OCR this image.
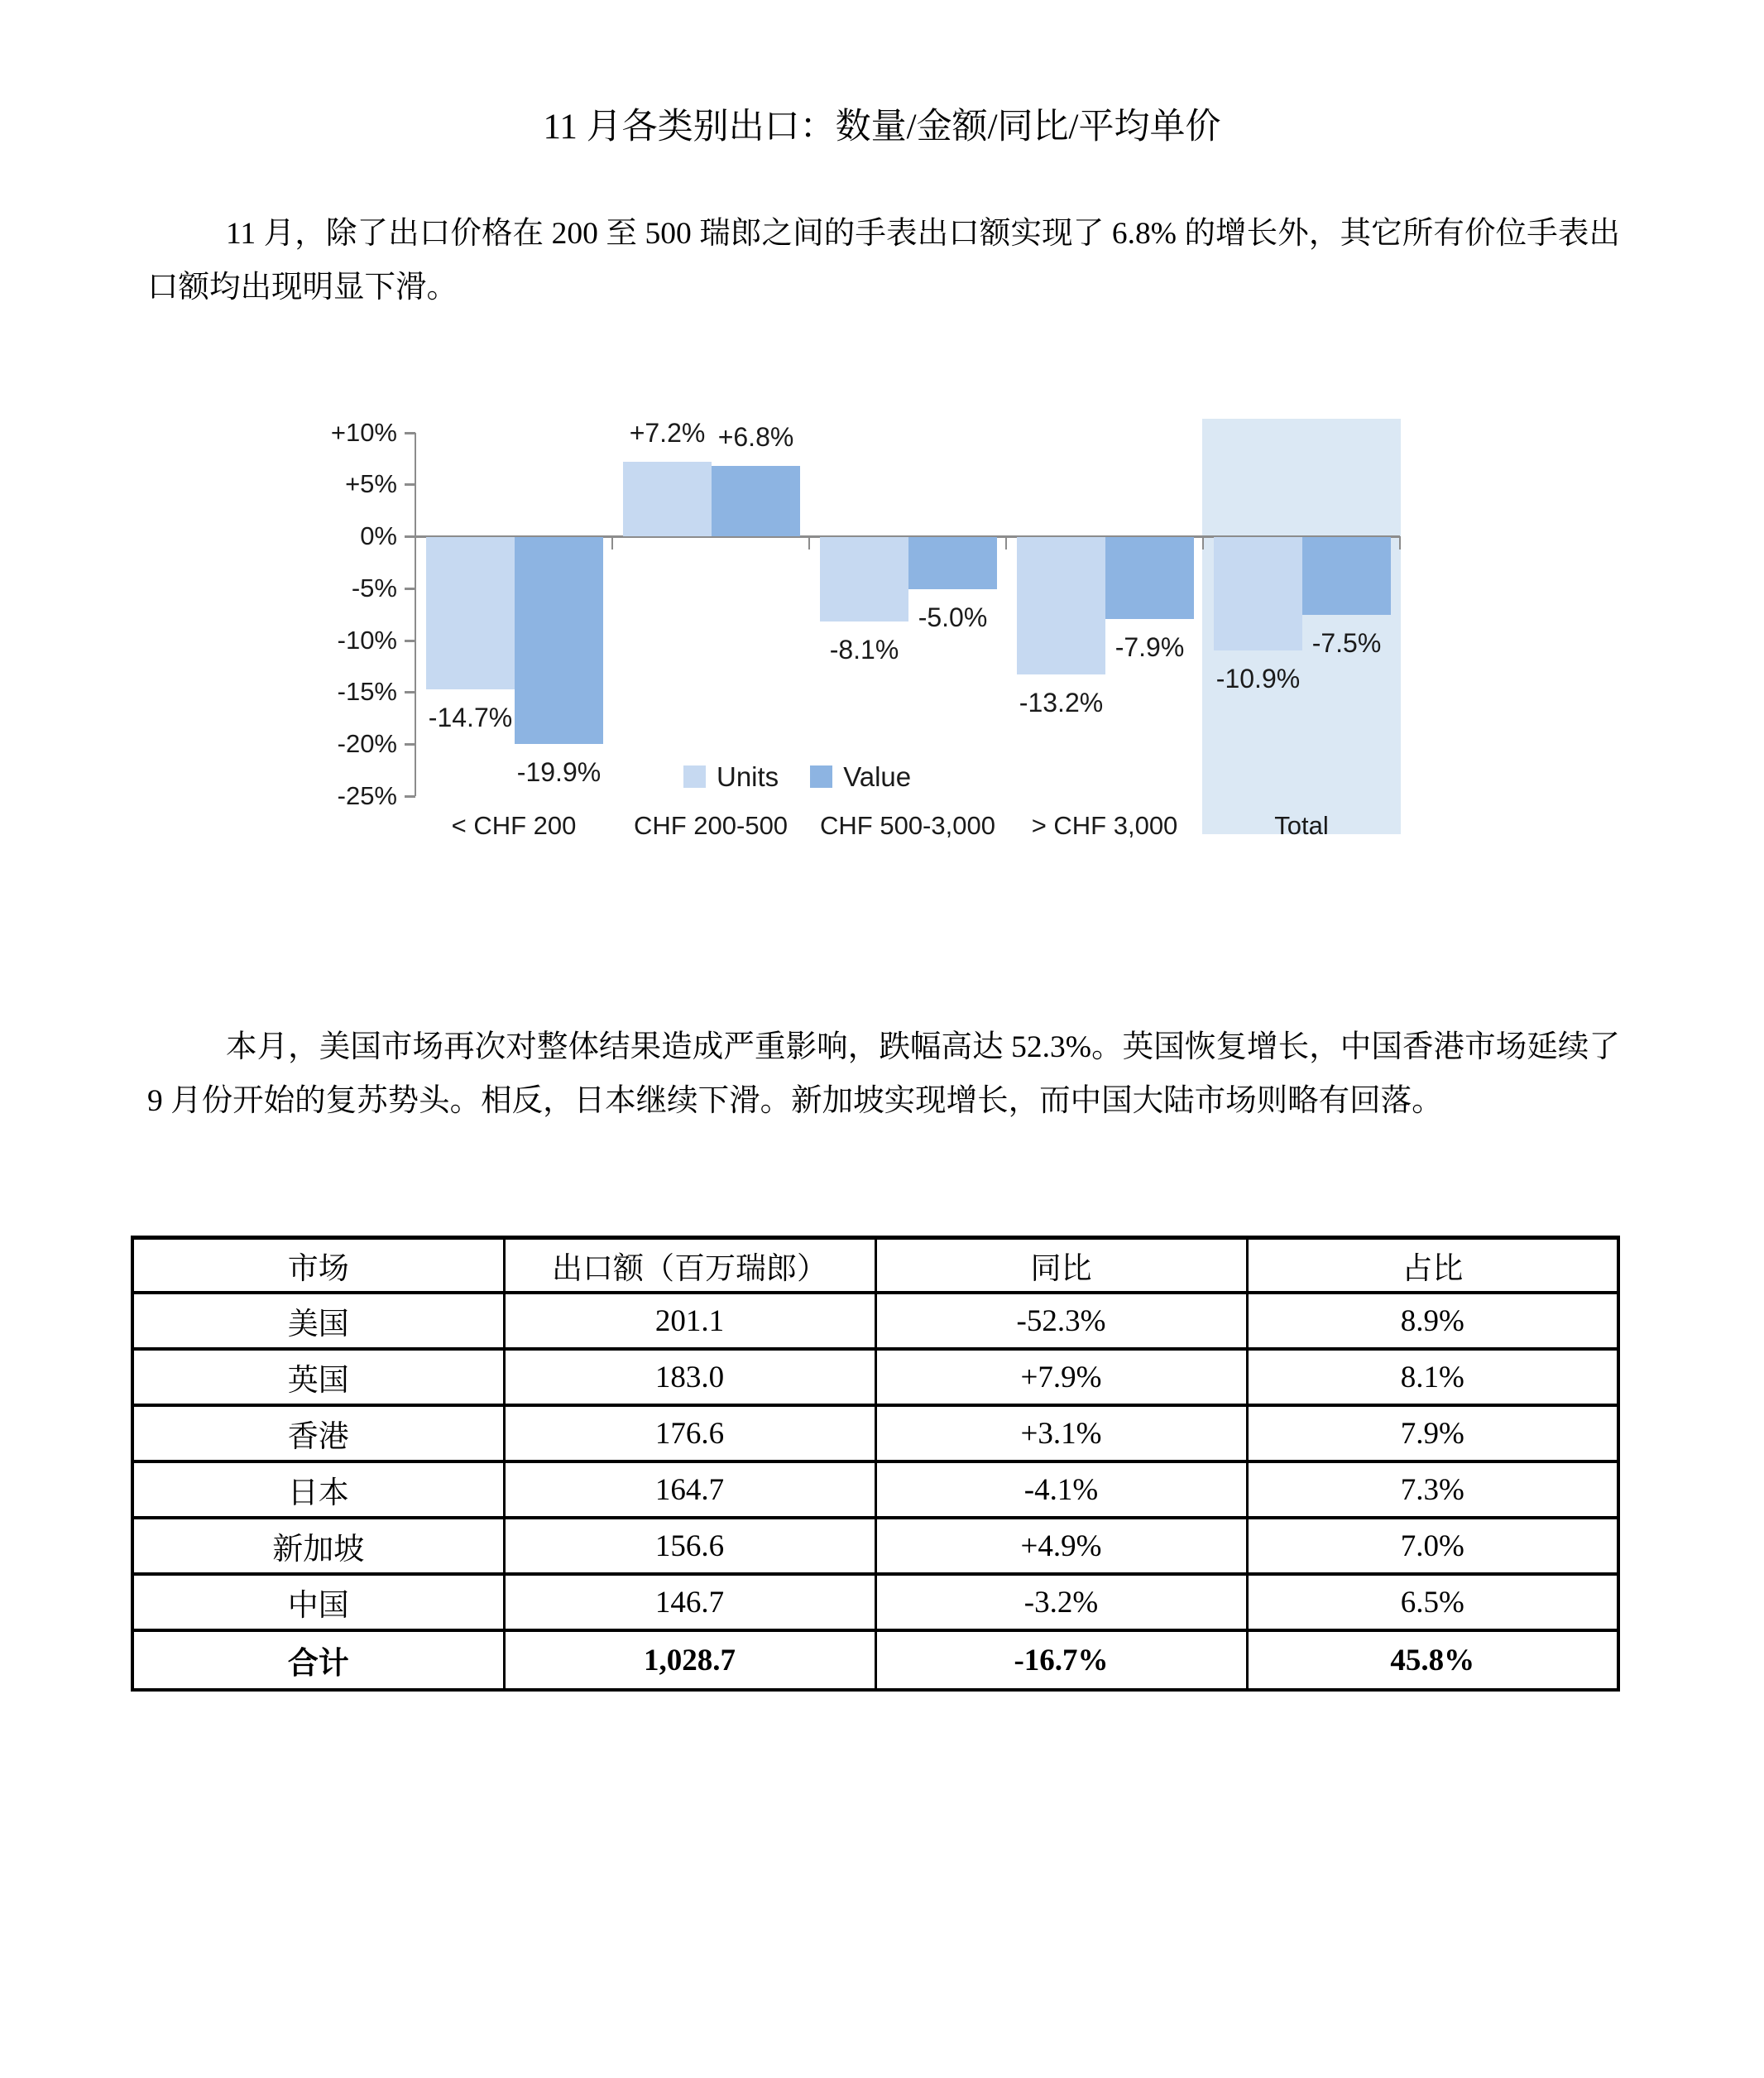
11 月各类别出口：数量/金额/同比/平均单价
11 月，除了出口价格在 200 至 500 瑞郎之间的手表出口额实现了 6.8% 的增长外，其它所有价位手表出口额均出现明显下滑。
+10%
+5%
0%
-5%
-10%
-15%
-20%
-25%
-14.7%
+7.2%
-8.1%
-13.2%
-10.9%
-19.9%
+6.8%
-5.0%
-7.9%	-7.5%
< CHF 200	CHF 200-500	CHF 500-3,000	> CHF 3,000	Total
Units Value
本月，美国市场再次对整体结果造成严重影响，跌幅高达 52.3%。英国恢复增长，中国香港市场延续了 9 月份开始的复苏势头。相反，日本继续下滑。新加坡实现增长，而中国大陆市场则略有回落。
市场	出口额（百万瑞郎）	同比	占比
美国	201.1	-52.3%	8.9%
英国	183.0	+7.9%	8.1%
香港	176.6	+3.1%	7.9%
日本	164.7	-4.1%	7.3%
新加坡	156.6	+4.9%	7.0%
中国	146.7	-3.2%	6.5%
合计	1,028.7	-16.7%	45.8%
